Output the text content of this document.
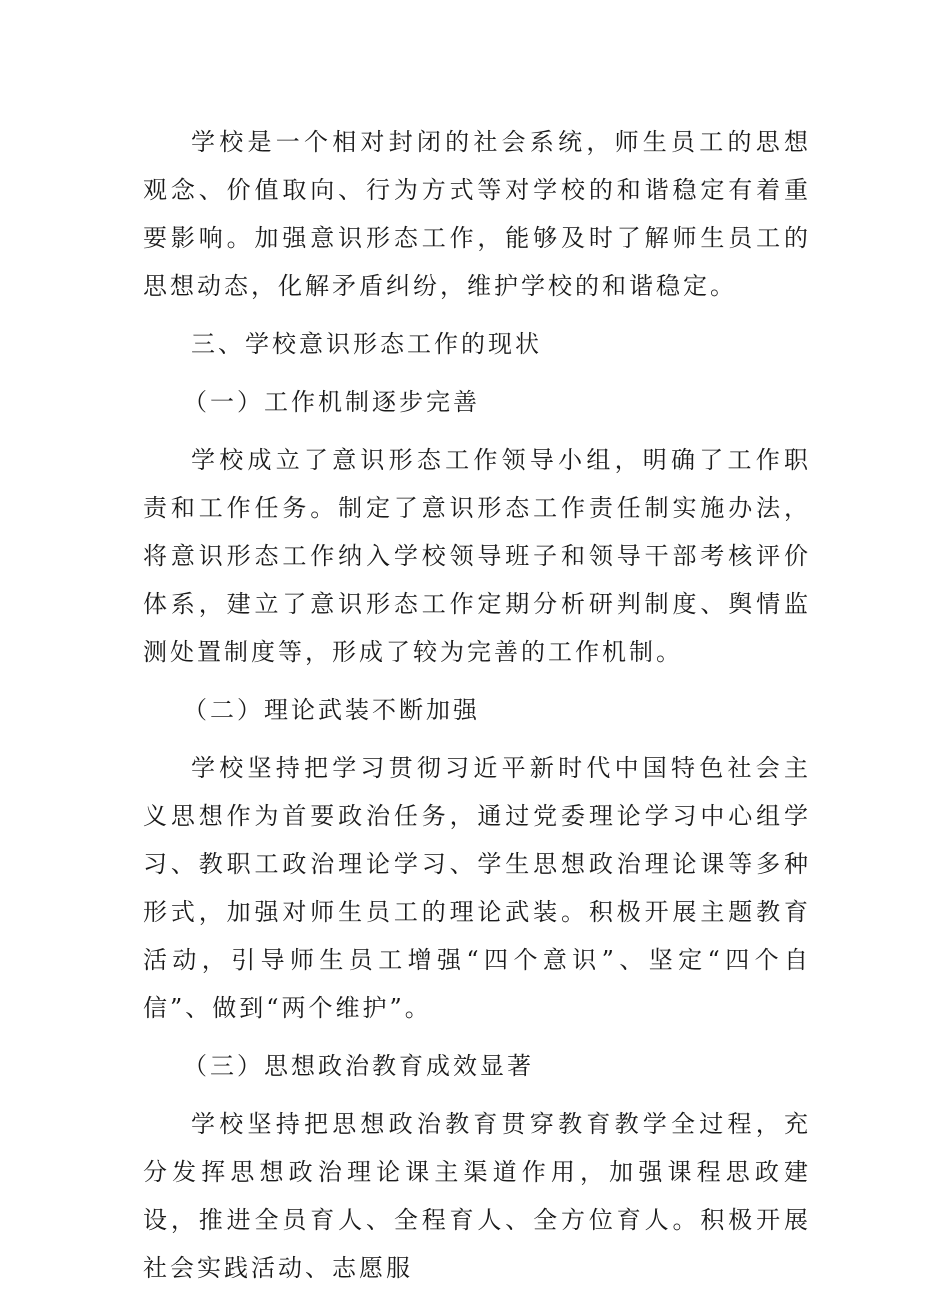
学校是一个相对封闭的社会系统，师生员工的思想观念、价值取向、行为方式等对学校的和谐稳定有着重要影响。加强意识形态工作，能够及时了解师生员工的思想动态，化解矛盾纠纷，维护学校的和谐稳定。

三、学校意识形态工作的现状
（一）工作机制逐步完善

学校成立了意识形态工作领导小组，明确了工作职责和工作任务。制定了意识形态工作责任制实施办法，将意识形态工作纳入学校领导班子和领导干部考核评价体系，建立了意识形态工作定期分析研判制度、舆情监测处置制度等，形成了较为完善的工作机制。

（二）理论武装不断加强

学校坚持把学习贯彻习近平新时代中国特色社会主义思想作为首要政治任务，通过党委理论学习中心组学习、教职工政治理论学习、学生思想政治理论课等多种形式，加强对师生员工的理论武装。积极开展主题教育活动，引导师生员工增强“四个意识”、坚定“四个自信”、做到“两个维护”。

（三）思想政治教育成效显著

学校坚持把思想政治教育贯穿教育教学全过程，充分发挥思想政治理论课主渠道作用，加强课程思政建设，推进全员育人、全程育人、全方位育人。积极开展社会实践活动、志愿服
